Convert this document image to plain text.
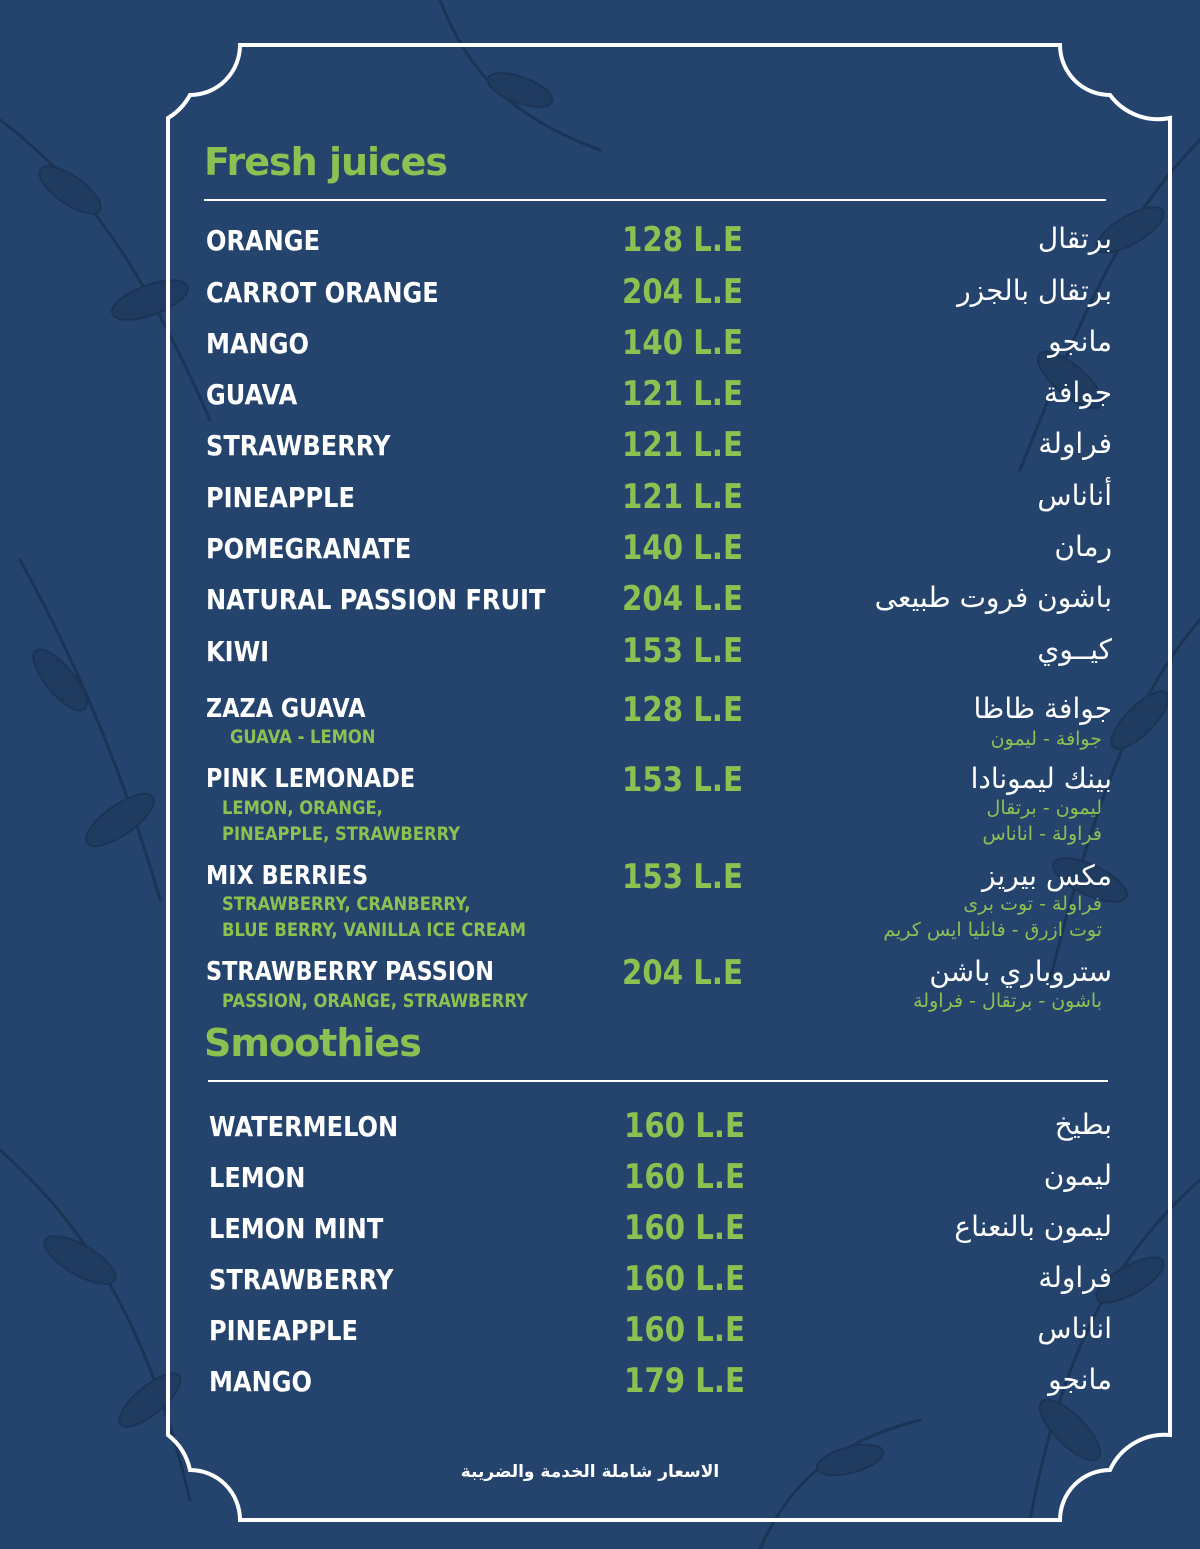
Fresh juices
ORANGE	128 L.E	برتقال
CARROT ORANGE	204 L.E	برتقال بالجزر
MANGO	140 L.E	مانجو
GUAVA	121 L.E	جوافة
STRAWBERRY	121 L.E	فراولة
PINEAPPLE	121 L.E	أناناس
POMEGRANATE	140 L.E	رمان
NATURAL PASSION FRUIT 204 L.E	باشون فروت طبيعى
KIWI	153 L.E	كيــوي
ZAZA GUAVA	128 L.E	جوافة ظاظا
GUAVA - LEMON	جوافة - ليمون
PINK LEMONADE	153 L.E	بينك ليمونادا
LEMON, ORANGE,
PINEAPPLE, STRAWBERRY
ليمون - برتقال
فراولة - اناناس
MIX BERRIES	153 L.E	مكس بيريز
STRAWBERRY, CRANBERRY,
BLUE BERRY, VANILLA ICE CREAM
فراولة - توت برى
توت ازرق - فانليا ايس كريم
STRAWBERRY PASSION	204 L.E	ستروباري باشن
PASSION, ORANGE, STRAWBERRY	باشون - برتقال - فراولة
Smoothies
WATERMELON	160 L.E	بطيخ
LEMON	160 L.E	ليمون
LEMON MINT	160 L.E	ليمون بالنعناع
STRAWBERRY	160 L.E	فراولة
PINEAPPLE	160 L.E	اناناس
MANGO	179 L.E	مانجو
الاسعار شاملة الخدمة والضريبة
